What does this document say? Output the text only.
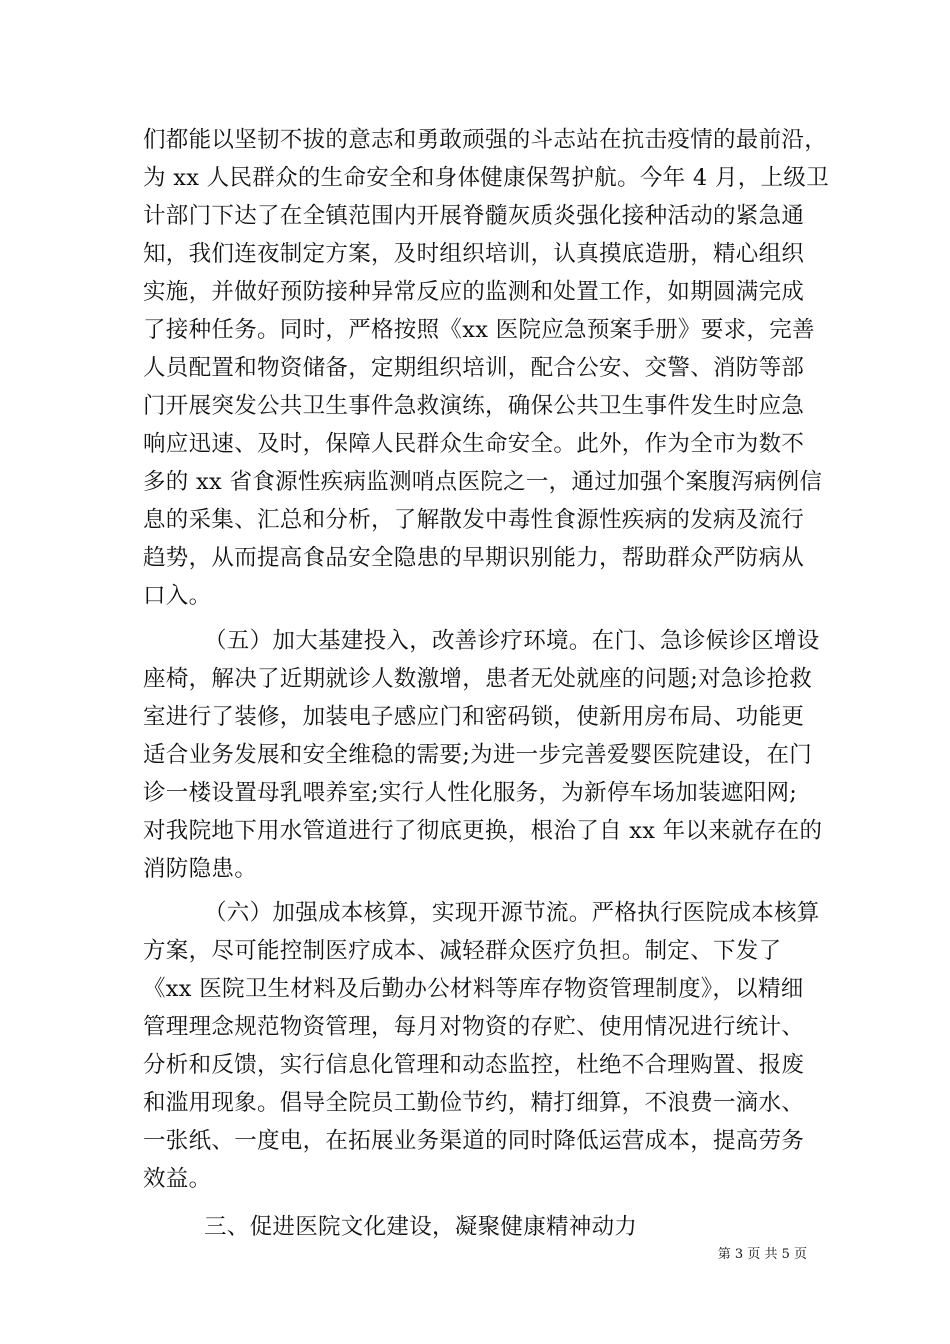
们都能以坚韧不拔的意志和勇敢顽强的斗志站在抗击疫情的最前沿，
为 xx 人民群众的生命安全和身体健康保驾护航。今年 4 月，上级卫
计部门下达了在全镇范围内开展脊髓灰质炎强化接种活动的紧急通
知，我们连夜制定方案，及时组织培训，认真摸底造册，精心组织
实施，并做好预防接种异常反应的监测和处置工作，如期圆满完成
了接种任务。同时，严格按照《xx 医院应急预案手册》要求，完善
人员配置和物资储备，定期组织培训，配合公安、交警、消防等部
门开展突发公共卫生事件急救演练，确保公共卫生事件发生时应急
响应迅速、及时，保障人民群众生命安全。此外，作为全市为数不
多的 xx 省食源性疾病监测哨点医院之一，通过加强个案腹泻病例信
息的采集、汇总和分析，了解散发中毒性食源性疾病的发病及流行
趋势，从而提高食品安全隐患的早期识别能力，帮助群众严防病从
口入。
（五）加大基建投入，改善诊疗环境。在门、急诊候诊区增设
座椅，解决了近期就诊人数激增，患者无处就座的问题;对急诊抢救
室进行了装修，加装电子感应门和密码锁，使新用房布局、功能更
适合业务发展和安全维稳的需要;为进一步完善爱婴医院建设，在门
诊一楼设置母乳喂养室;实行人性化服务，为新停车场加装遮阳网;
对我院地下用水管道进行了彻底更换，根治了自 xx 年以来就存在的
消防隐患。
（六）加强成本核算，实现开源节流。严格执行医院成本核算
方案，尽可能控制医疗成本、减轻群众医疗负担。制定、下发了
《xx 医院卫生材料及后勤办公材料等库存物资管理制度》，以精细
管理理念规范物资管理，每月对物资的存贮、使用情况进行统计、
分析和反馈，实行信息化管理和动态监控，杜绝不合理购置、报废
和滥用现象。倡导全院员工勤俭节约，精打细算，不浪费一滴水、
一张纸、一度电，在拓展业务渠道的同时降低运营成本，提高劳务
效益。
三、促进医院文化建设，凝聚健康精神动力
第 3 页 共 5 页
